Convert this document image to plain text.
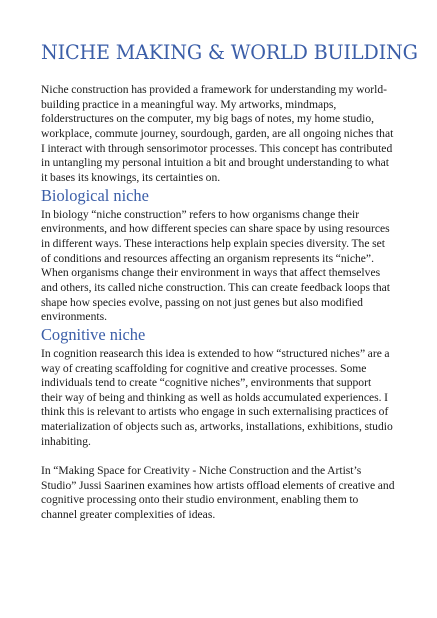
NICHE MAKING & WORLD BUILDING

Niche construction has provided a framework for understanding my world-building practice in a meaningful way. My artworks, mindmaps, folderstructures on the computer, my big bags of notes, my home studio, workplace, commute journey, sourdough, garden, are all ongoing niches that I interact with through sensorimotor processes. This concept has contributed in untangling my personal intuition a bit and brought understanding to what it bases its knowings, its certainties on.

Biological niche

In biology “niche construction” refers to how organisms change their environments, and how different species can share space by using resources in different ways. These interactions help explain species diversity. The set of conditions and resources affecting an organism represents its “niche”. When organisms change their environment in ways that affect themselves and others, its called niche construction. This can create feedback loops that shape how species evolve, passing on not just genes but also modified environments.

Cognitive niche

In cognition reasearch this idea is extended to how “structured niches” are a way of creating scaffolding for cognitive and creative processes. Some individuals tend to create “cognitive niches”, environments that support their way of being and thinking as well as holds accumulated experiences. I think this is relevant to artists who engage in such externalising practices of materialization of objects such as, artworks, installations, exhibitions, studio inhabiting.

In “Making Space for Creativity - Niche Construction and the Artist’s Studio” Jussi Saarinen examines how artists offload elements of creative and cognitive processing onto their studio environment, enabling them to channel greater complexities of ideas.
